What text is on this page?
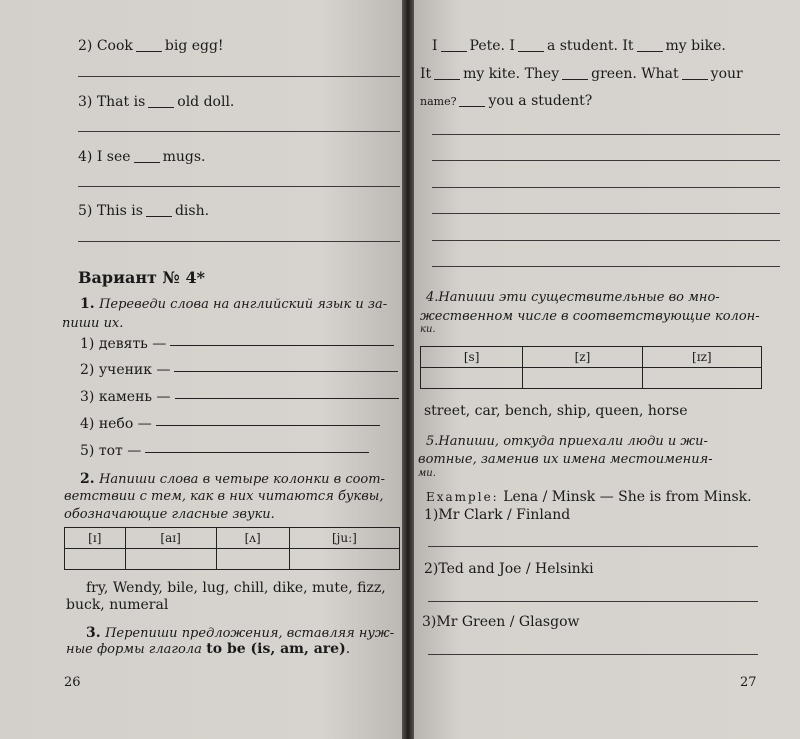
2) Cook big egg!
3) That is old doll.
4) I see mugs.
5) This is dish.
Вариант № 4*
1. Переведи слова на английский язык и за-
пиши их.
1) девять —
2) ученик —
3) камень —
4) небо —
5) тот —
2. Напиши слова в четыре колонки в соот-
ветствии с тем, как в них читаются буквы,
обозначающие гласные звуки.
[ɪ]	[aɪ]	[ʌ]	[juː]

fry, Wendy, bile, lug, chill, dike, mute, fizz,
buck, numeral
3. Перепиши предложения, вставляя нуж-
ные формы глагола to be (is, am, are).
26
I Pete. I a student. It my bike.
It my kite. They green. What your
name? you a student?
4.Напиши эти существительные во мно-
жественном числе в соответствующие колон-
ки.
[s]	[z]	[ɪz]

street, car, bench, ship, queen, horse
5.Напиши, откуда приехали люди и жи-
вотные, заменив их имена местоимения-
ми.
Example: Lena / Minsk — She is from Minsk.
1)Mr Clark / Finland
2)Ted and Joe / Helsinki
3)Mr Green / Glasgow
27
